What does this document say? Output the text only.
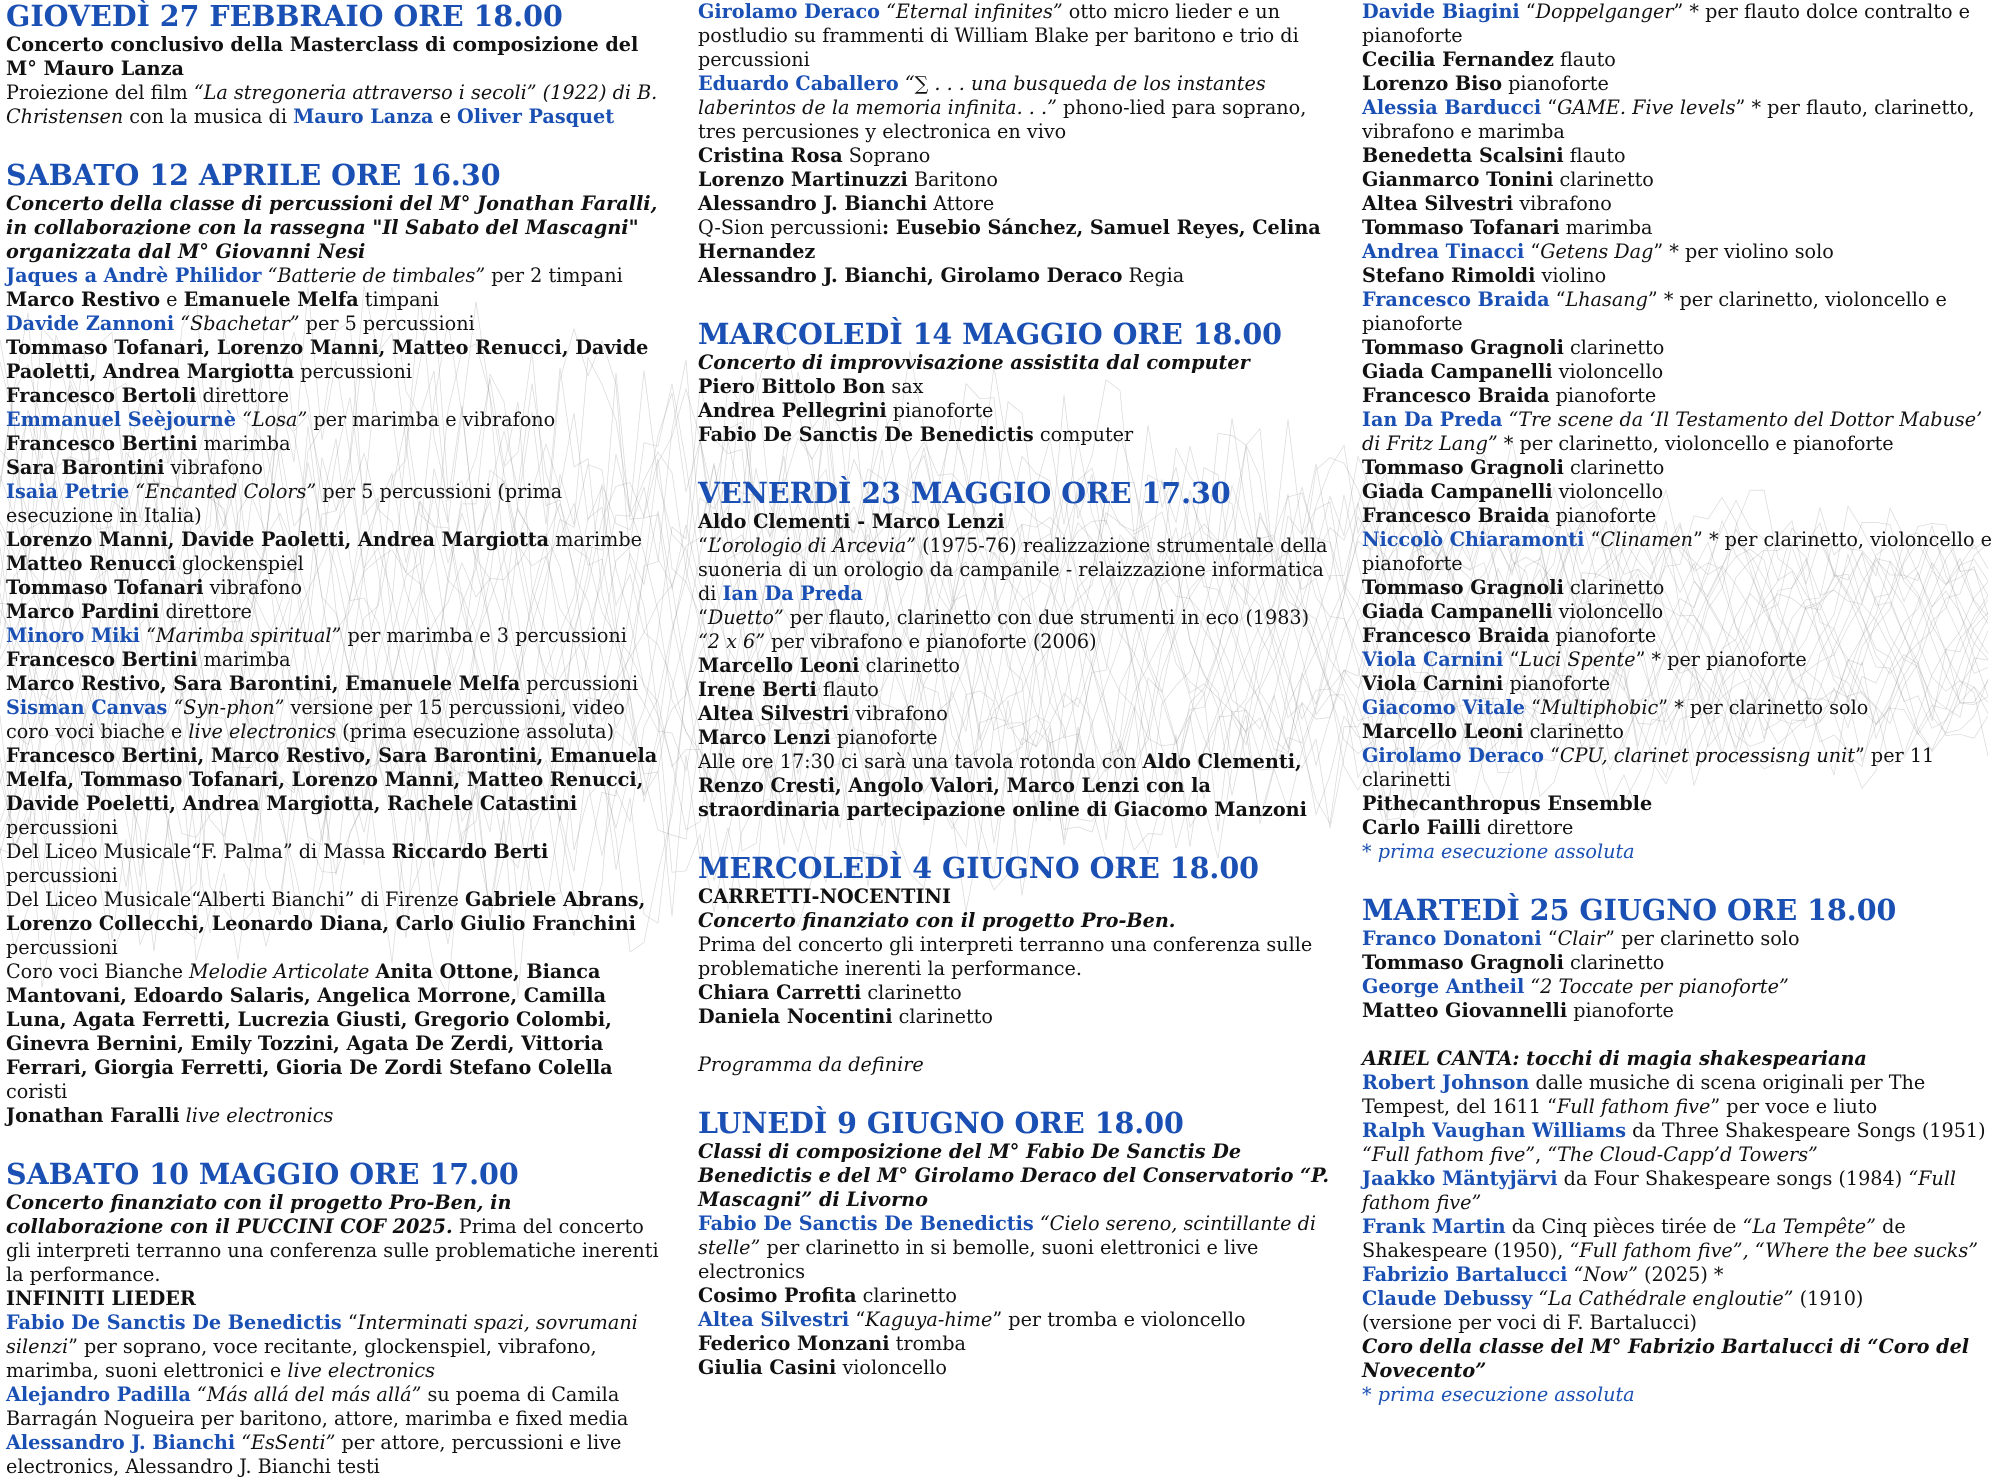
GIOVEDÌ 27 FEBBRAIO ORE 18.00
Concerto conclusivo della Masterclass di composizione del M° Mauro Lanza
Proiezione del film “La stregoneria attraverso i secoli” (1922) di B. Christensen con la musica di Mauro Lanza e Oliver Pasquet
SABATO 12 APRILE ORE 16.30
Concerto della classe di percussioni del M° Jonathan Faralli, in collaborazione con la rassegna "Il Sabato del Mascagni" organizzata dal M° Giovanni Nesi
Jaques a Andrè Philidor “Batterie de timbales” per 2 timpani
Marco Restivo e Emanuele Melfa timpani
Davide Zannoni “Sbachetar” per 5 percussioni
Tommaso Tofanari, Lorenzo Manni, Matteo Renucci, Davide Paoletti, Andrea Margiotta percussioni
Francesco Bertoli direttore
Emmanuel Seèjournè “Losa” per marimba e vibrafono
Francesco Bertini marimba
Sara Barontini vibrafono
Isaia Petrie “Encanted Colors” per 5 percussioni (prima esecuzione in Italia)
Lorenzo Manni, Davide Paoletti, Andrea Margiotta marimbe
Matteo Renucci glockenspiel
Tommaso Tofanari vibrafono
Marco Pardini direttore
Minoro Miki “Marimba spiritual” per marimba e 3 percussioni
Francesco Bertini marimba
Marco Restivo, Sara Barontini, Emanuele Melfa percussioni
Sisman Canvas “Syn-phon” versione per 15 percussioni, video coro voci biache e live electronics (prima esecuzione assoluta)
Francesco Bertini, Marco Restivo, Sara Barontini, Emanuela Melfa, Tommaso Tofanari, Lorenzo Manni, Matteo Renucci, Davide Poeletti, Andrea Margiotta, Rachele Catastini percussioni
Del Liceo Musicale“F. Palma” di Massa Riccardo Berti percussioni
Del Liceo Musicale“Alberti Bianchi” di Firenze Gabriele Abrans, Lorenzo Collecchi, Leonardo Diana, Carlo Giulio Franchini percussioni
Coro voci Bianche Melodie Articolate Anita Ottone, Bianca Mantovani, Edoardo Salaris, Angelica Morrone, Camilla Luna, Agata Ferretti, Lucrezia Giusti, Gregorio Colombi, Ginevra Bernini, Emily Tozzini, Agata De Zerdi, Vittoria Ferrari, Giorgia Ferretti, Gioria De Zordi Stefano Colella coristi
Jonathan Faralli live electronics
SABATO 10 MAGGIO ORE 17.00
Concerto finanziato con il progetto Pro-Ben, in collaborazione con il PUCCINI COF 2025. Prima del concerto gli interpreti terranno una conferenza sulle problematiche inerenti la performance.
INFINITI LIEDER
Fabio De Sanctis De Benedictis “Interminati spazi, sovrumani silenzi” per soprano, voce recitante, glockenspiel, vibrafono, marimba, suoni elettronici e live electronics
Alejandro Padilla “Más allá del más allá” su poema di Camila Barragán Nogueira per baritono, attore, marimba e fixed media
Alessandro J. Bianchi “EsSenti” per attore, percussioni e live electronics, Alessandro J. Bianchi testi
Girolamo Deraco “Eternal infinites” otto micro lieder e un postludio su frammenti di William Blake per baritono e trio di percussioni
Eduardo Caballero “∑ . . . una busqueda de los instantes laberintos de la memoria infinita. . .” phono-lied para soprano, tres percusiones y electronica en vivo
Cristina Rosa Soprano
Lorenzo Martinuzzi Baritono
Alessandro J. Bianchi Attore
Q-Sion percussioni: Eusebio Sánchez, Samuel Reyes, Celina Hernandez
Alessandro J. Bianchi, Girolamo Deraco Regia
MARCOLEDÌ 14 MAGGIO ORE 18.00
Concerto di improvvisazione assistita dal computer
Piero Bittolo Bon sax
Andrea Pellegrini pianoforte
Fabio De Sanctis De Benedictis computer
VENERDÌ 23 MAGGIO ORE 17.30
Aldo Clementi - Marco Lenzi
“L’orologio di Arcevia” (1975-76) realizzazione strumentale della suoneria di un orologio da campanile - relaizzazione informatica di Ian Da Preda
“Duetto” per flauto, clarinetto con due strumenti in eco (1983)
“2 x 6” per vibrafono e pianoforte (2006)
Marcello Leoni clarinetto
Irene Berti flauto
Altea Silvestri vibrafono
Marco Lenzi pianoforte
Alle ore 17:30 ci sarà una tavola rotonda con Aldo Clementi, Renzo Cresti, Angolo Valori, Marco Lenzi con la straordinaria partecipazione online di Giacomo Manzoni
MERCOLEDÌ 4 GIUGNO ORE 18.00
CARRETTI-NOCENTINI
Concerto finanziato con il progetto Pro-Ben.
Prima del concerto gli interpreti terranno una conferenza sulle problematiche inerenti la performance.
Chiara Carretti clarinetto
Daniela Nocentini clarinetto
Programma da definire
LUNEDÌ 9 GIUGNO ORE 18.00
Classi di composizione del M° Fabio De Sanctis De Benedictis e del M° Girolamo Deraco del Conservatorio “P. Mascagni” di Livorno
Fabio De Sanctis De Benedictis “Cielo sereno, scintillante di stelle” per clarinetto in si bemolle, suoni elettronici e live electronics
Cosimo Profita clarinetto
Altea Silvestri “Kaguya-hime” per tromba e violoncello
Federico Monzani tromba
Giulia Casini violoncello
Davide Biagini “Doppelganger” * per flauto dolce contralto e pianoforte
Cecilia Fernandez flauto
Lorenzo Biso pianoforte
Alessia Barducci “GAME. Five levels” * per flauto, clarinetto, vibrafono e marimba
Benedetta Scalsini flauto
Gianmarco Tonini clarinetto
Altea Silvestri vibrafono
Tommaso Tofanari marimba
Andrea Tinacci “Getens Dag” * per violino solo
Stefano Rimoldi violino
Francesco Braida “Lhasang” * per clarinetto, violoncello e pianoforte
Tommaso Gragnoli clarinetto
Giada Campanelli violoncello
Francesco Braida pianoforte
Ian Da Preda “Tre scene da ‘Il Testamento del Dottor Mabuse’ di Fritz Lang” * per clarinetto, violoncello e pianoforte
Tommaso Gragnoli clarinetto
Giada Campanelli violoncello
Francesco Braida pianoforte
Niccolò Chiaramonti “Clinamen” * per clarinetto, violoncello e pianoforte
Tommaso Gragnoli clarinetto
Giada Campanelli violoncello
Francesco Braida pianoforte
Viola Carnini “Luci Spente” * per pianoforte
Viola Carnini pianoforte
Giacomo Vitale “Multiphobic” * per clarinetto solo
Marcello Leoni clarinetto
Girolamo Deraco “CPU, clarinet processisng unit” per 11 clarinetti
Pithecanthropus Ensemble
Carlo Failli direttore
* prima esecuzione assoluta
MARTEDÌ 25 GIUGNO ORE 18.00
Franco Donatoni “Clair” per clarinetto solo
Tommaso Gragnoli clarinetto
George Antheil “2 Toccate per pianoforte”
Matteo Giovannelli pianoforte
ARIEL CANTA: tocchi di magia shakespeariana
Robert Johnson dalle musiche di scena originali per The Tempest, del 1611 “Full fathom five” per voce e liuto
Ralph Vaughan Williams da Three Shakespeare Songs (1951) “Full fathom five”, “The Cloud-Capp’d Towers”
Jaakko Mäntyjärvi da Four Shakespeare songs (1984) “Full fathom five”
Frank Martin da Cinq pièces tirée de “La Tempête” de Shakespeare (1950), “Full fathom five”, “Where the bee sucks”
Fabrizio Bartalucci “Now” (2025) *
Claude Debussy “La Cathédrale engloutie” (1910)
(versione per voci di F. Bartalucci)
Coro della classe del M° Fabrizio Bartalucci di “Coro del Novecento”
* prima esecuzione assoluta
